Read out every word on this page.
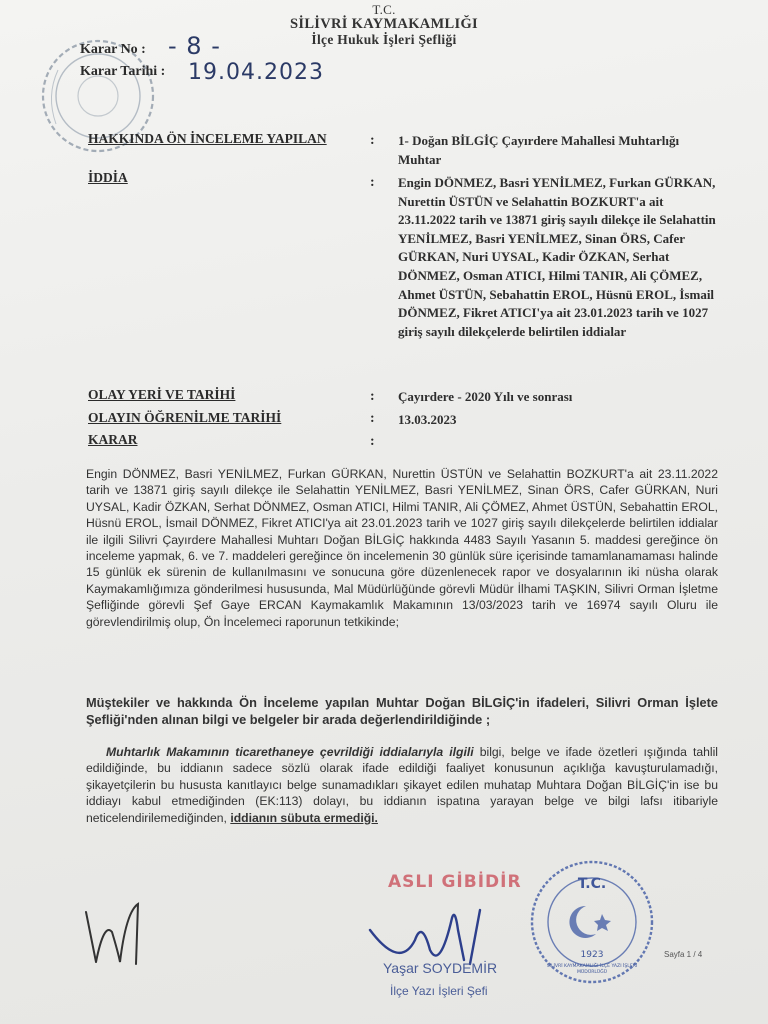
T.C.
SİLİVRİ KAYMAKAMLIĞI
İlçe Hukuk İşleri Şefliği
Karar No : - 8 -
Karar Tarihi : 19.04.2023
HAKKINDA ÖN İNCELEME YAPILAN	: 1- Doğan BİLGİÇ Çayırdere Mahallesi Muhtarlığı Muhtar
İDDİA	: Engin DÖNMEZ, Basri YENİLMEZ, Furkan GÜRKAN, Nurettin ÜSTÜN ve Selahattin BOZKURT'a ait 23.11.2022 tarih ve 13871 giriş sayılı dilekçe ile Selahattin YENİLMEZ, Basri YENİLMEZ, Sinan ÖRS, Cafer GÜRKAN, Nuri UYSAL, Kadir ÖZKAN, Serhat DÖNMEZ, Osman ATICI, Hilmi TANIR, Ali ÇÖMEZ, Ahmet ÜSTÜN, Sebahattin EROL, Hüsnü EROL, İsmail DÖNMEZ, Fikret ATICI'ya ait 23.01.2023 tarih ve 1027 giriş sayılı dilekçelerde belirtilen iddialar
OLAY YERİ VE TARİHİ	: Çayırdere - 2020 Yılı ve sonrası
OLAYIN ÖĞRENİLME TARİHİ	: 13.03.2023
KARAR	:
Engin DÖNMEZ, Basri YENİLMEZ, Furkan GÜRKAN, Nurettin ÜSTÜN ve Selahattin BOZKURT'a ait 23.11.2022 tarih ve 13871 giriş sayılı dilekçe ile Selahattin YENİLMEZ, Basri YENİLMEZ, Sinan ÖRS, Cafer GÜRKAN, Nuri UYSAL, Kadir ÖZKAN, Serhat DÖNMEZ, Osman ATICI, Hilmi TANIR, Ali ÇÖMEZ, Ahmet ÜSTÜN, Sebahattin EROL, Hüsnü EROL, İsmail DÖNMEZ, Fikret ATICI'ya ait 23.01.2023 tarih ve 1027 giriş sayılı dilekçelerde belirtilen iddialar ile ilgili Silivri Çayırdere Mahallesi Muhtarı Doğan BİLGİÇ hakkında 4483 Sayılı Yasanın 5. maddesi gereğince ön inceleme yapmak, 6. ve 7. maddeleri gereğince ön incelemenin 30 günlük süre içerisinde tamamlanamaması halinde 15 günlük ek sürenin de kullanılmasını ve sonucuna göre düzenlenecek rapor ve dosyalarının iki nüsha olarak Kaymakamlığımıza gönderilmesi hususunda, Mal Müdürlüğünde görevli Müdür İlhami TAŞKIN, Silivri Orman İşletme Şefliğinde görevli Şef Gaye ERCAN Kaymakamlık Makamının 13/03/2023 tarih ve 16974 sayılı Oluru ile görevlendirilmiş olup, Ön İncelemeci raporunun tetkikinde;
Müştekiler ve hakkında Ön İnceleme yapılan Muhtar Doğan BİLGİÇ'in ifadeleri, Silivri Orman İşlete Şefliği'nden alınan bilgi ve belgeler bir arada değerlendirildiğinde ;
Muhtarlık Makamının ticarethaneye çevrildiği iddialarıyla ilgili bilgi, belge ve ifade özetleri ışığında tahlil edildiğinde, bu iddianın sadece sözlü olarak ifade edildiği faaliyet konusunun açıklığa kavuşturulamadığı, şikayetçilerin bu hususta kanıtlayıcı belge sunamadıkları şikayet edilen muhatap Muhtara Doğan BİLGİÇ'in ise bu iddiayı kabul etmediğinden (EK:113) dolayı, bu iddianın ispatına yarayan belge ve bilgi lafsı itibariyle neticelendirilemediğinden, iddianın sübuta ermediği.
ASLI GİBİDİR
Yaşar SOYDEMİR
İlçe Yazı İşleri Şefi
T.C.
1923
SİLİVRİ KAYMAKAMLIĞI İLÇE YAZI İŞLERİ MÜDÜRLÜĞÜ
Sayfa 1 / 4
